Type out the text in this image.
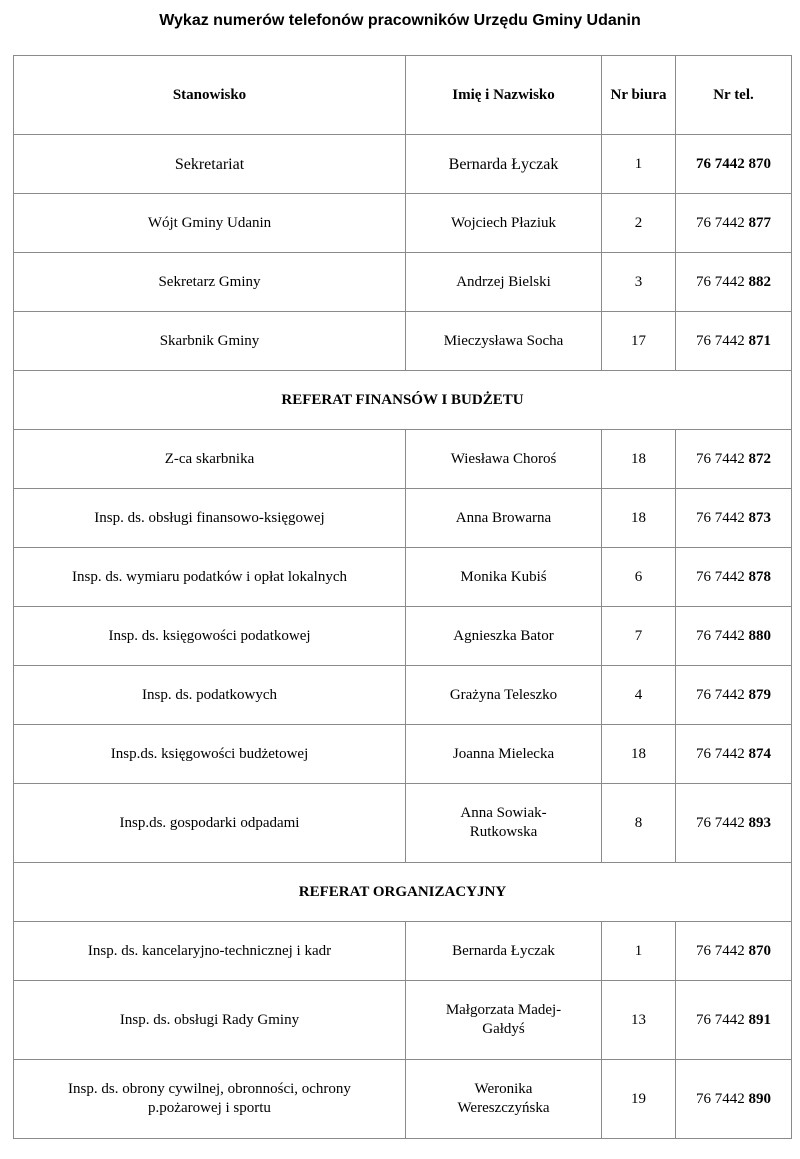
Wykaz numerów telefonów pracowników Urzędu Gminy Udanin
Stanowisko	Imię i Nazwisko	Nr biura	Nr tel.
Sekretariat	Bernarda Łyczak	1	76 7442 870
Wójt Gminy Udanin	Wojciech Płaziuk	2	76 7442 877
Sekretarz Gminy	Andrzej Bielski	3	76 7442 882
Skarbnik Gminy	Mieczysława Socha	17	76 7442 871
REFERAT FINANSÓW I BUDŻETU			
Z-ca skarbnika	Wiesława Choroś	18	76 7442 872
Insp. ds. obsługi finansowo-księgowej	Anna Browarna	18	76 7442 873
Insp. ds. wymiaru podatków i opłat lokalnych	Monika Kubiś	6	76 7442 878
Insp. ds. księgowości podatkowej	Agnieszka Bator	7	76 7442 880
Insp. ds. podatkowych	Grażyna Teleszko	4	76 7442 879
Insp.ds. księgowości budżetowej	Joanna Mielecka	18	76 7442 874
Insp.ds. gospodarki odpadami	Anna Sowiak-Rutkowska	8	76 7442 893
REFERAT ORGANIZACYJNY			
Insp. ds. kancelaryjno-technicznej i kadr	Bernarda Łyczak	1	76 7442 870
Insp. ds. obsługi Rady Gminy	Małgorzata Madej-Gałdyś	13	76 7442 891
Insp. ds. obrony cywilnej, obronności, ochrony p.pożarowej i sportu	Weronika Wereszczyńska	19	76 7442 890
